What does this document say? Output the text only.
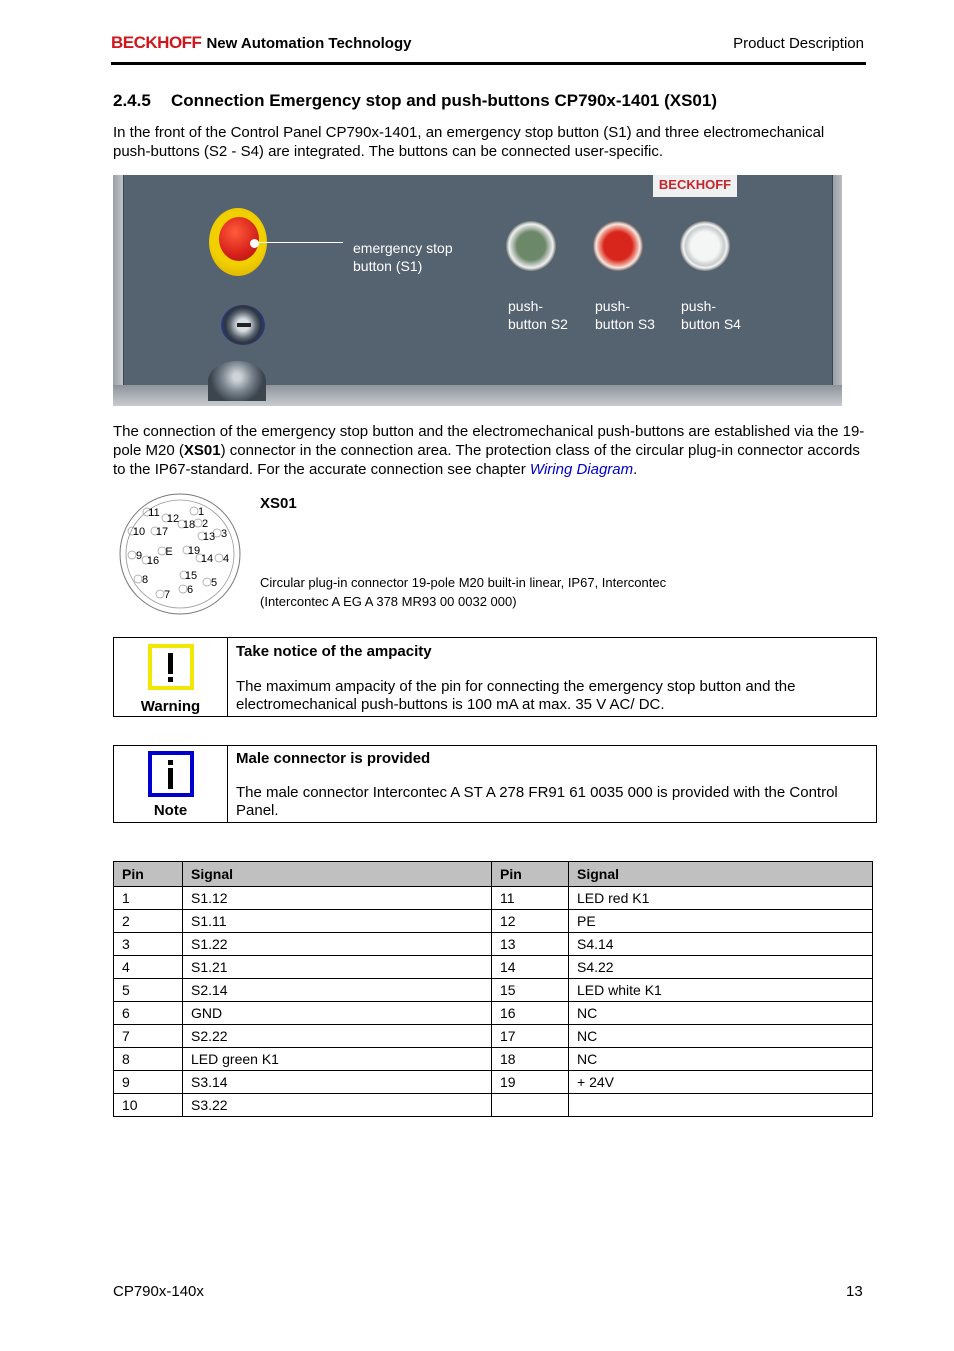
BECKHOFF New Automation Technology	Product Description
2.4.5 Connection Emergency stop and push-buttons CP790x-1401 (XS01)
In the front of the Control Panel CP790x-1401, an emergency stop button (S1) and three electromechanical push-buttons (S2 - S4) are integrated. The buttons can be connected user-specific.
BECKHOFF
emergency stop
button (S1)
push-
button S2
push-
button S3
push-
button S4
The connection of the emergency stop button and the electromechanical push-buttons are established via the 19-pole M20 (XS01) connector in the connection area. The protection class of the circular plug-in connector accords to the IP67-standard. For the accurate connection see chapter Wiring Diagram.
1
2
3
4
5
6
7
8
9
10
11 12
13
14
15
16
17
18
19
E
XS01
Circular plug-in connector 19-pole M20 built-in linear, IP67, Intercontec
(Intercontec A EG A 378 MR93 00 0032 000)
Warning
Take notice of the ampacity
The maximum ampacity of the pin for connecting the emergency stop button and the electromechanical push-buttons is 100 mA at max. 35 V AC/ DC.
Note
Male connector is provided
The male connector Intercontec A ST A 278 FR91 61 0035 000 is provided with the Control Panel.
Pin	Signal	Pin	Signal
1	S1.12	11	LED red K1
2	S1.11	12	PE
3	S1.22	13	S4.14
4	S1.21	14	S4.22
5	S2.14	15	LED white K1
6	GND	16	NC
7	S2.22	17	NC
8	LED green K1	18	NC
9	S3.14	19	+ 24V
10	S3.22		
CP790x-140x	13
